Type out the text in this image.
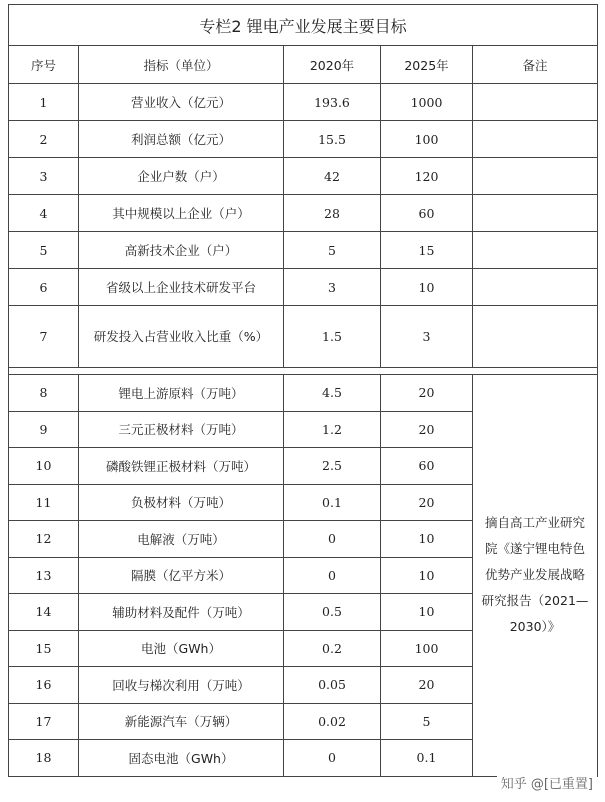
专栏2 锂电产业发展主要目标				
序号	指标（单位）	2020年	2025年	备注
1	营业收入（亿元）	193.6	1000	
2	利润总额（亿元）	15.5	100	
3	企业户数（户）	42	120	
4	其中规模以上企业（户）	28	60	
5	高新技术企业（户）	5	15	
6	省级以上企业技术研发平台	3	10	
7	研发投入占营业收入比重（%）	1.5	3	

8	锂电上游原料（万吨）	4.5	20	摘自高工产业研究院《遂宁锂电特色优势产业发展战略研究报告（2021—2030）》
9	三元正极材料（万吨）	1.2	20	
10	磷酸铁锂正极材料（万吨）	2.5	60	
11	负极材料（万吨）	0.1	20	
12	电解液（万吨）	0	10	
13	隔膜（亿平方米）	0	10	
14	辅助材料及配件（万吨）	0.5	10	
15	电池（GWh）	0.2	100	
16	回收与梯次利用（万吨）	0.05	20	
17	新能源汽车（万辆）	0.02	5	
18	固态电池（GWh）	0	0.1	
知乎 @[已重置]
